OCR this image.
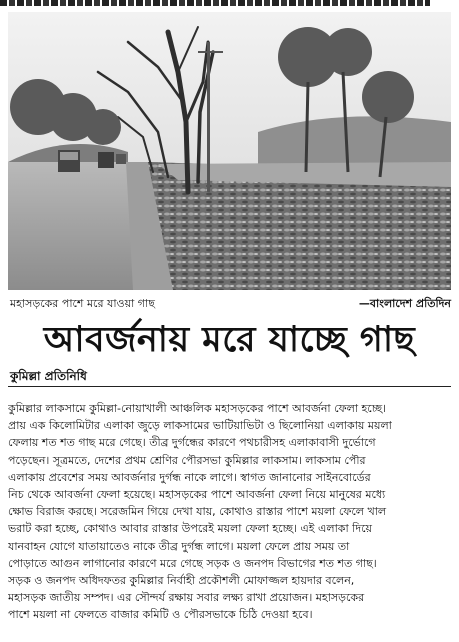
মহাসড়কের পাশে মরে যাওয়া গাছ	—বাংলাদেশ প্রতিদিন
আবর্জনায় মরে যাচ্ছে গাছ
কুমিল্লা প্রতিনিধি
কুমিল্লার লাকসামে কুমিল্লা-নোয়াখালী আঞ্চলিক মহাসড়কের পাশে আবর্জনা ফেলা হচ্ছে।
প্রায় এক কিলোমিটার এলাকা জুড়ে লাকসামের ভাটিয়াভিটা ও ছিলোনিয়া এলাকায় ময়লা
ফেলায় শত শত গাছ মরে গেছে। তীব্র দুর্গন্ধের কারণে পথচারীসহ এলাকাবাসী দুর্ভোগে
পড়েছেন। সূত্রমতে, দেশের প্রথম শ্রেণির পৌরসভা কুমিল্লার লাকসাম। লাকসাম পৌর
এলাকায় প্রবেশের সময় আবর্জনার দুর্গন্ধ নাকে লাগে। স্বাগত জানানোর সাইনবোর্ডের
নিচ থেকে আবর্জনা ফেলা হয়েছে। মহাসড়কের পাশে আবর্জনা ফেলা নিয়ে মানুষের মধ্যে
ক্ষোভ বিরাজ করছে। সরেজমিন গিয়ে দেখা যায়, কোথাও রাস্তার পাশে ময়লা ফেলে খাল
ভরাট করা হচ্ছে, কোথাও আবার রাস্তার উপরেই ময়লা ফেলা হচ্ছে। এই এলাকা দিয়ে
যানবাহন যোগে যাতায়াতেও নাকে তীব্র দুর্গন্ধ লাগে। ময়লা ফেলে প্রায় সময় তা
পোড়াতে আগুন লাগানোর কারণে মরে গেছে সড়ক ও জনপদ বিভাগের শত শত গাছ।
সড়ক ও জনপদ অধিদফতর কুমিল্লার নির্বাহী প্রকৌশলী মোফাজ্জল হায়দার বলেন,
মহাসড়ক জাতীয় সম্পদ। এর সৌন্দর্য রক্ষায় সবার লক্ষ্য রাখা প্রয়োজন। মহাসড়কের
পাশে ময়লা না ফেলতে বাজার কমিটি ও পৌরসভাকে চিঠি দেওয়া হবে।
